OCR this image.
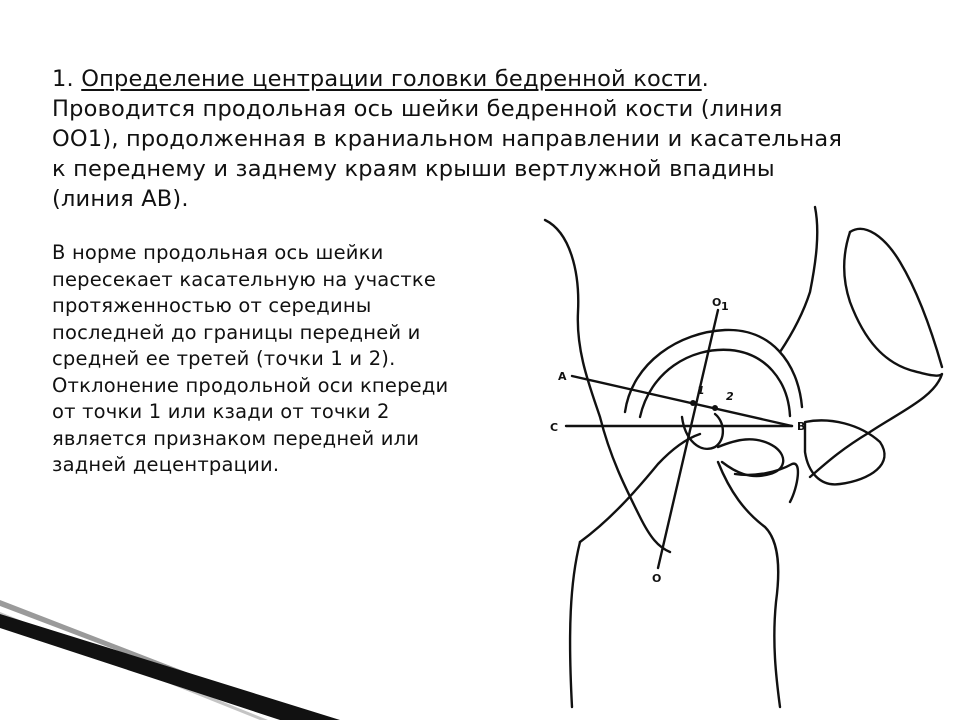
1. Определение центрации головки бедренной кости.
Проводится продольная ось шейки бедренной кости (линия
ОО1), продолженная в краниальном направлении и касательная
к переднему и заднему краям крыши вертлужной впадины
(линия АВ).
В норме продольная ось шейки
пересекает касательную на участке
протяженностью от середины
последней до границы передней и
средней ее третей (точки 1 и 2).
Отклонение продольной оси кпереди
от точки 1 или кзади от точки 2
является признаком передней или
задней децентрации.
A
C	B
O
O 1
1 2
